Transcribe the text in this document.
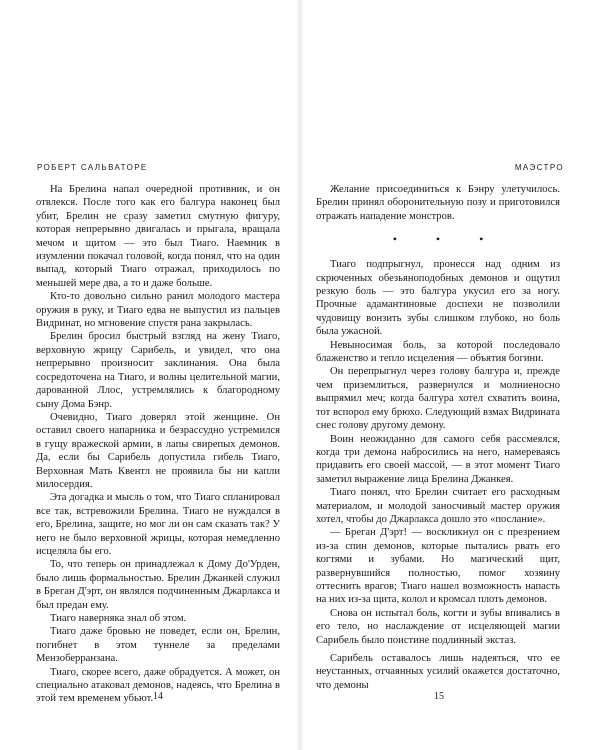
РОБЕРТ САЛЬВАТОРЕ

На Брелина напал очередной противник, и он отвлекся. После того как его балгура наконец был убит, Брелин не сразу заметил смутную фигуру, которая непрерывно двигалась и прыгала, вращала мечом и щитом — это был Тиаго. Наемник в изумлении покачал головой, когда понял, что на один выпад, который Тиаго отражал, приходилось по меньшей мере два, а то и даже больше.

Кто-то довольно сильно ранил молодого мастера оружия в руку, и Тиаго едва не выпустил из пальцев Видринат, но мгновение спустя рана закрылась.

Брелин бросил быстрый взгляд на жену Тиаго, верховную жрицу Сарибель, и увидел, что она непрерывно произносит заклинания. Она была сосредоточена на Тиаго, и волны целительной магии, дарованной Ллос, устремлялись к благородному сыну Дома Бэнр.

Очевидно, Тиаго доверял этой женщине. Он оставил своего напарника и безрассудно устремился в гущу вражеской армии, в лапы свирепых демонов. Да, если бы Сарибель допустила гибель Тиаго, Верховная Мать Квентл не проявила бы ни капли милосердия.

Эта догадка и мысль о том, что Тиаго спланировал все так, встревожили Брелина. Тиаго не нуждался в его, Брелина, защите, но мог ли он сам сказать так? У него не было верховной жрицы, которая немедленно исцеляла бы его.

То, что теперь он принадлежал к Дому До'Урден, было лишь формальностью. Брелин Джанкей служил в Бреган Д'эрт, он являлся подчиненным Джарлакса и был предан ему.

Тиаго наверняка знал об этом.

Тиаго даже бровью не поведет, если он, Брелин, погибнет в этом туннеле за пределами Мензоберранзана.

Тиаго, скорее всего, даже обрадуется. А может, он специально атаковал демонов, надеясь, что Брелина в этой тем временем убьют. 14
МАЭСТРО

Желание присоединиться к Бэнру улетучилось. Брелин принял оборонительную позу и приготовился отражать нападение монстров.

• • •

Тиаго подпрыгнул, пронесся над одним из скрюченных обезьяноподобных демонов и ощутил резкую боль — это балгура укусил его за ногу. Прочные адамантиновые доспехи не позволили чудовищу вонзить зубы слишком глубоко, но боль была ужасной.

Невыносимая боль, за которой последовало блаженство и тепло исцеления — объятия богини.

Он перепрыгнул через голову балгура и, прежде чем приземлиться, развернулся и молниеносно выпрямил меч; когда балгура хотел схватить воина, тот вспорол ему брюхо. Следующий взмах Видрината снес голову другому демону.

Воин неожиданно для самого себя рассмеялся, когда три демона набросились на него, намереваясь придавить его своей массой, — в этот момент Тиаго заметил выражение лица Брелина Джанкея.

Тиаго понял, что Брелин считает его расходным материалом, и молодой заносчивый мастер оружия хотел, чтобы до Джарлакса дошло это «послание».

— Бреган Д'эрт! — воскликнул он с презрением из-за спин демонов, которые пытались рвать его когтями и зубами. Но магический щит, развернувшийся полностью, помог хозяину оттеснить врагов; Тиаго нашел возможность напасть на них из-за щита, колол и кромсал плоть демонов.

Снова он испытал боль, когти и зубы впивались в его тело, но наслаждение от исцеляющей магии Сарибель было поистине подлинный экстаз.

Сарибель оставалось лишь надеяться, что ее неустанных, отчаянных усилий окажется достаточно, что демоны

15
